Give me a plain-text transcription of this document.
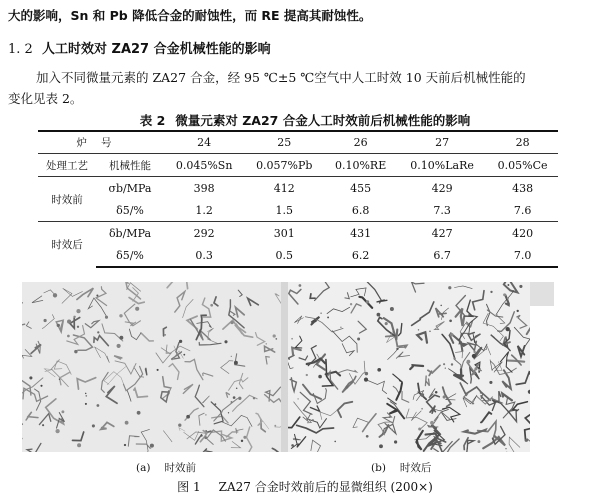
大的影响，Sn 和 Pb 降低合金的耐蚀性，而 RE 提高其耐蚀性。
1. 2 人工时效对 ZA27 合金机械性能的影响
加入不同微量元素的 ZA27 合金，经 95 ℃±5 ℃空气中人工时效 10 天前后机械性能的
变化见表 2。
表 2 微量元素对 ZA27 合金人工时效前后机械性能的影响
炉号		24	25	26	27	28
处理工艺	机械性能	0.045%Sn	0.057%Pb	0.10%RE	0.10%LaRe	0.05%Ce
时效前	σb/MPa	398	412	455	429	438
	δ5/%	1.2	1.5	6.8	7.3	7.6
时效后	δb/MPa	292	301	431	427	420
	δ5/%	0.3	0.5	6.2	6.7	7.0
(a) 时效前	(b) 时效后
图 1 ZA27 合金时效前后的显微组织 (200×)
